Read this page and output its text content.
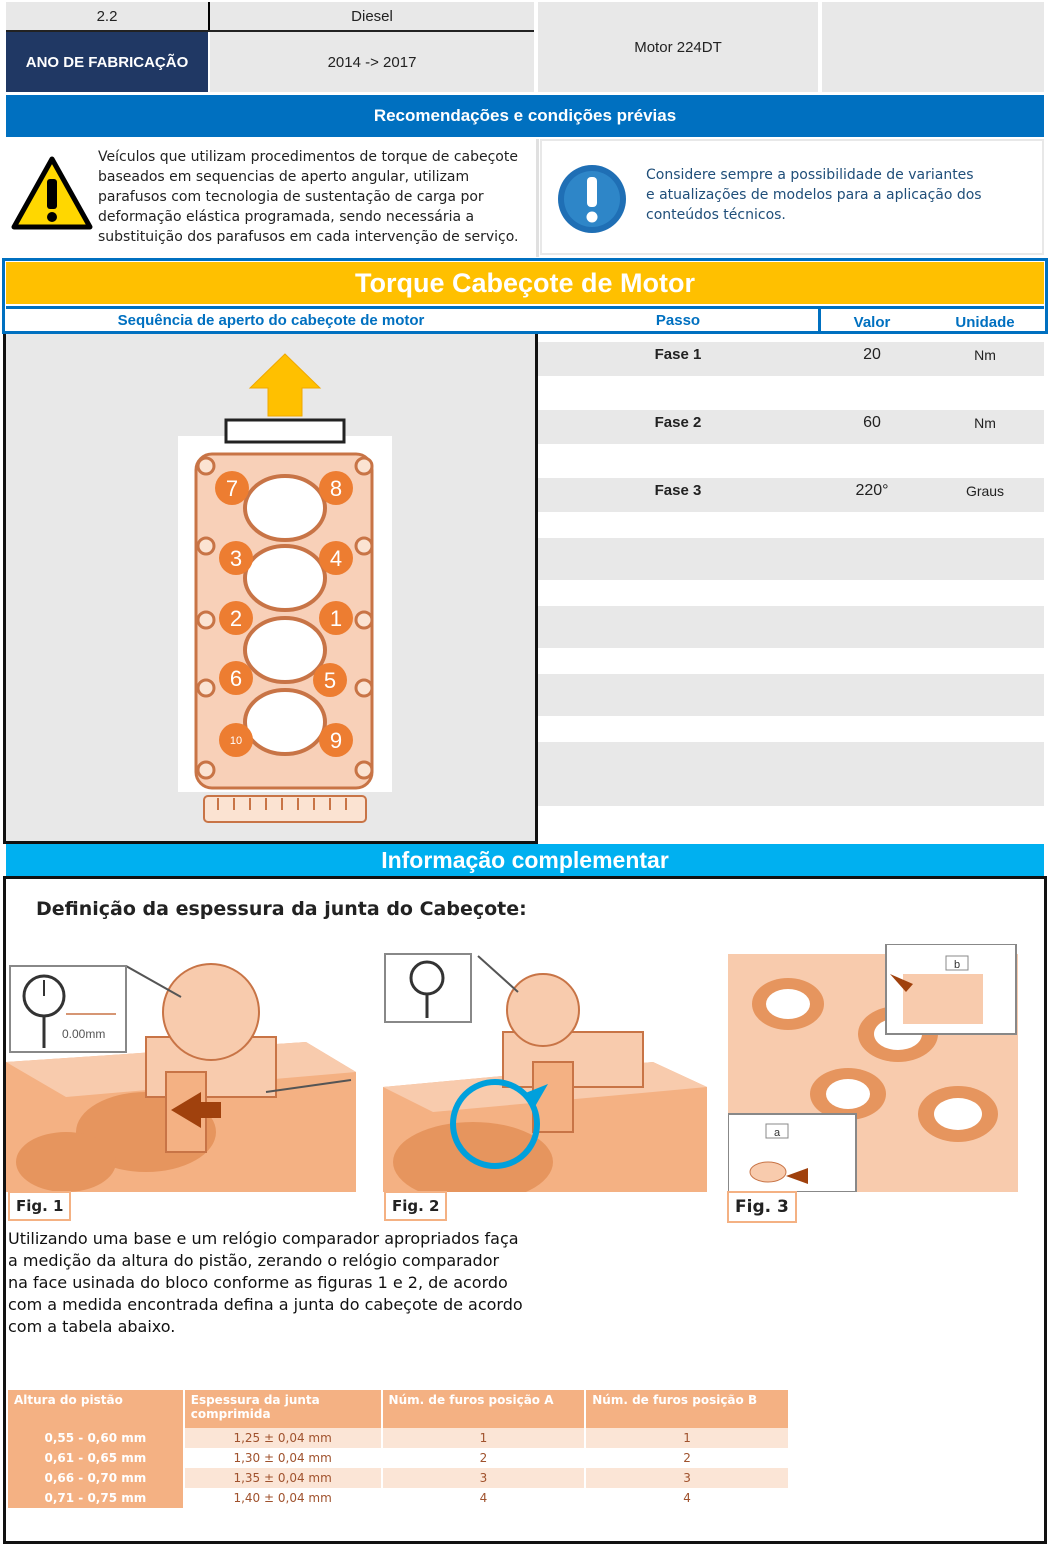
2.2	Diesel
ANO DE FABRICAÇÃO	2014 -> 2017
Motor 224DT
Recomendações e condições prévias
Veículos que utilizam procedimentos de torque de cabeçote baseados em sequencias de aperto angular, utilizam parafusos com tecnologia de sustentação de carga por deformação elástica programada, sendo necessária a substituição dos parafusos em cada intervenção de serviço.
Considere sempre a possibilidade de variantes e atualizações de modelos para a aplicação dos conteúdos técnicos.
Torque Cabeçote de Motor
Sequência de aperto do cabeçote de motor	Passo	Valor	Unidade
7	8
3	4
2	1
6	5
10	9
Fase 1	20	Nm
Fase 2	60	Nm
Fase 3	220°	Graus
Informação complementar
Definição da espessura da junta do Cabeçote:
0.00mm
Fig. 1	Fig. 2
b
a
Fig. 3
Utilizando uma base e um relógio comparador apropriados faça a medição da altura do pistão, zerando o relógio comparador na face usinada do bloco conforme as figuras 1 e 2, de acordo com a medida encontrada defina a junta do cabeçote de acordo com a tabela abaixo.
Altura do pistão	Espessura da junta comprimida	Núm. de furos posição A	Núm. de furos posição B
0,55 - 0,60 mm	1,25 ± 0,04 mm	1	1
0,61 - 0,65 mm	1,30 ± 0,04 mm	2	2
0,66 - 0,70 mm	1,35 ± 0,04 mm	3	3
0,71 - 0,75 mm	1,40 ± 0,04 mm	4	4
